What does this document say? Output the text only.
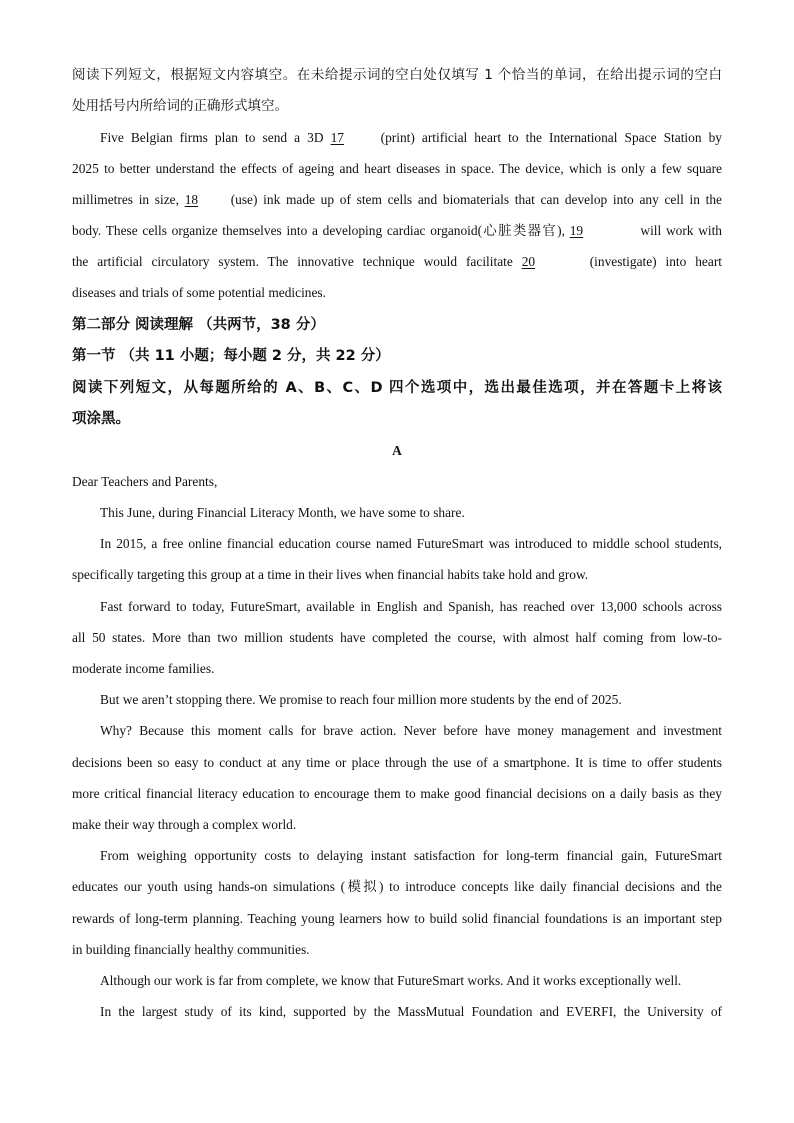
阅读下列短文，根据短文内容填空。在未给提示词的空白处仅填写 1 个恰当的单词，在给出提示词的空白
处用括号内所给词的正确形式填空。
Five Belgian firms plan to send a 3D 17	(print) artificial heart to the International Space Station by
2025 to better understand the effects of ageing and heart diseases in space. The device, which is only a few square
millimetres in size, 18 (use) ink made up of stem cells and biomaterials that can develop into any cell in the
body. These cells organize themselves into a developing cardiac organoid(心脏类器官), 19	will work with
the artificial circulatory system. The innovative technique would facilitate 20	(investigate) into heart
diseases and trials of some potential medicines.
第二部分 阅读理解 （共两节，38 分）
第一节 （共 11 小题；每小题 2 分，共 22 分）
阅读下列短文，从每题所给的 A、B、C、D 四个选项中，选出最佳选项，并在答题卡上将该
项涂黑。
A
Dear Teachers and Parents,
This June, during Financial Literacy Month, we have some to share.
In 2015, a free online financial education course named FutureSmart was introduced to middle school students,
specifically targeting this group at a time in their lives when financial habits take hold and grow.
Fast forward to today, FutureSmart, available in English and Spanish, has reached over 13,000 schools across
all 50 states. More than two million students have completed the course, with almost half coming from low-to-
moderate income families.
But we aren’t stopping there. We promise to reach four million more students by the end of 2025.
Why? Because this moment calls for brave action. Never before have money management and investment
decisions been so easy to conduct at any time or place through the use of a smartphone. It is time to offer students
more critical financial literacy education to encourage them to make good financial decisions on a daily basis as they
make their way through a complex world.
From weighing opportunity costs to delaying instant satisfaction for long-term financial gain, FutureSmart
educates our youth using hands-on simulations (模拟) to introduce concepts like daily financial decisions and the
rewards of long-term planning. Teaching young learners how to build solid financial foundations is an important step
in building financially healthy communities.
Although our work is far from complete, we know that FutureSmart works. And it works exceptionally well.
In the largest study of its kind, supported by the MassMutual Foundation and EVERFI, the University of
